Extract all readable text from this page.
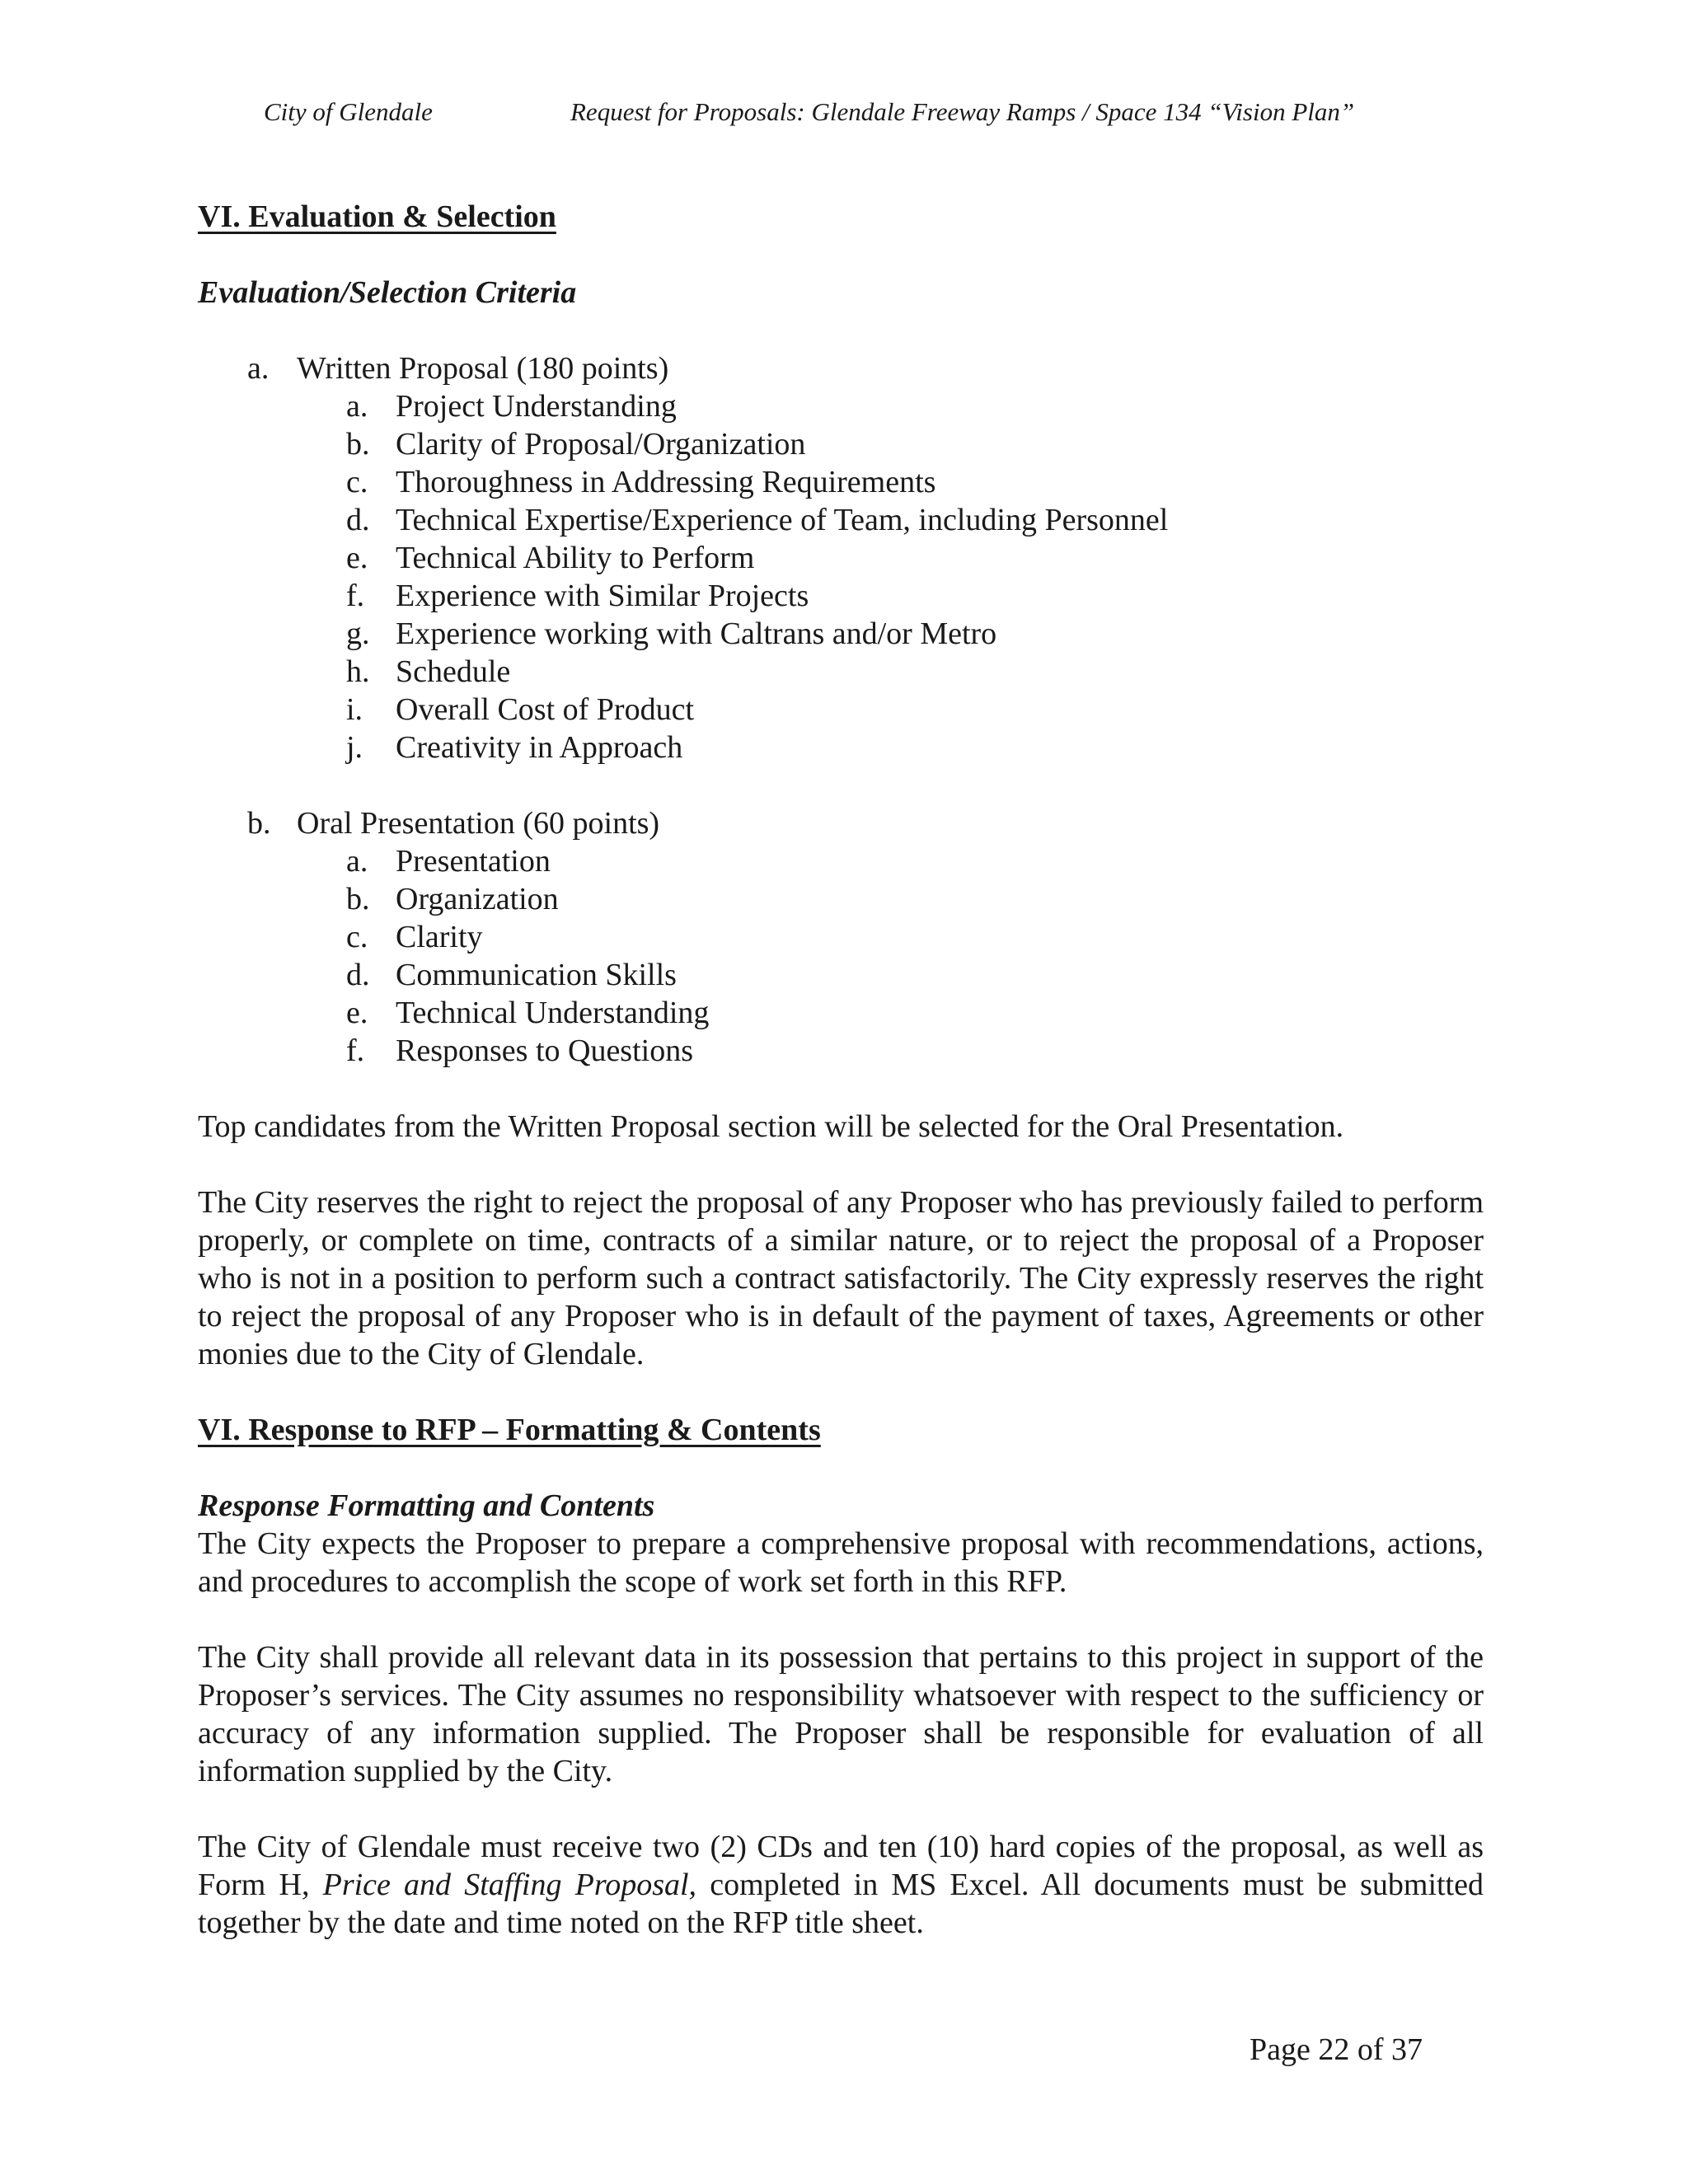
City of Glendale	Request for Proposals: Glendale Freeway Ramps / Space 134 “Vision Plan”
VI. Evaluation & Selection
Evaluation/Selection Criteria
a. Written Proposal (180 points)
a. Project Understanding
b. Clarity of Proposal/Organization
c. Thoroughness in Addressing Requirements
d. Technical Expertise/Experience of Team, including Personnel
e. Technical Ability to Perform
f. Experience with Similar Projects
g. Experience working with Caltrans and/or Metro
h. Schedule
i.	Overall Cost of Product
j.	Creativity in Approach
b. Oral Presentation (60 points)
a. Presentation
b. Organization
c. Clarity
d. Communication Skills
e. Technical Understanding
f. Responses to Questions

Top candidates from the Written Proposal section will be selected for the Oral Presentation.

The City reserves the right to reject the proposal of any Proposer who has previously failed to perform properly, or complete on time, contracts of a similar nature, or to reject the proposal of a Proposer who is not in a position to perform such a contract satisfactorily. The City expressly reserves the right to reject the proposal of any Proposer who is in default of the payment of taxes, Agreements or other monies due to the City of Glendale.

VI. Response to RFP – Formatting & Contents
Response Formatting and Contents

The City expects the Proposer to prepare a comprehensive proposal with recommendations, actions, and procedures to accomplish the scope of work set forth in this RFP.

The City shall provide all relevant data in its possession that pertains to this project in support of the Proposer’s services. The City assumes no responsibility whatsoever with respect to the sufficiency or accuracy of any information supplied. The Proposer shall be responsible for evaluation of all information supplied by the City.

The City of Glendale must receive two (2) CDs and ten (10) hard copies of the proposal, as well as Form H, Price and Staffing Proposal, completed in MS Excel. All documents must be submitted together by the date and time noted on the RFP title sheet.

Page 22 of 37
